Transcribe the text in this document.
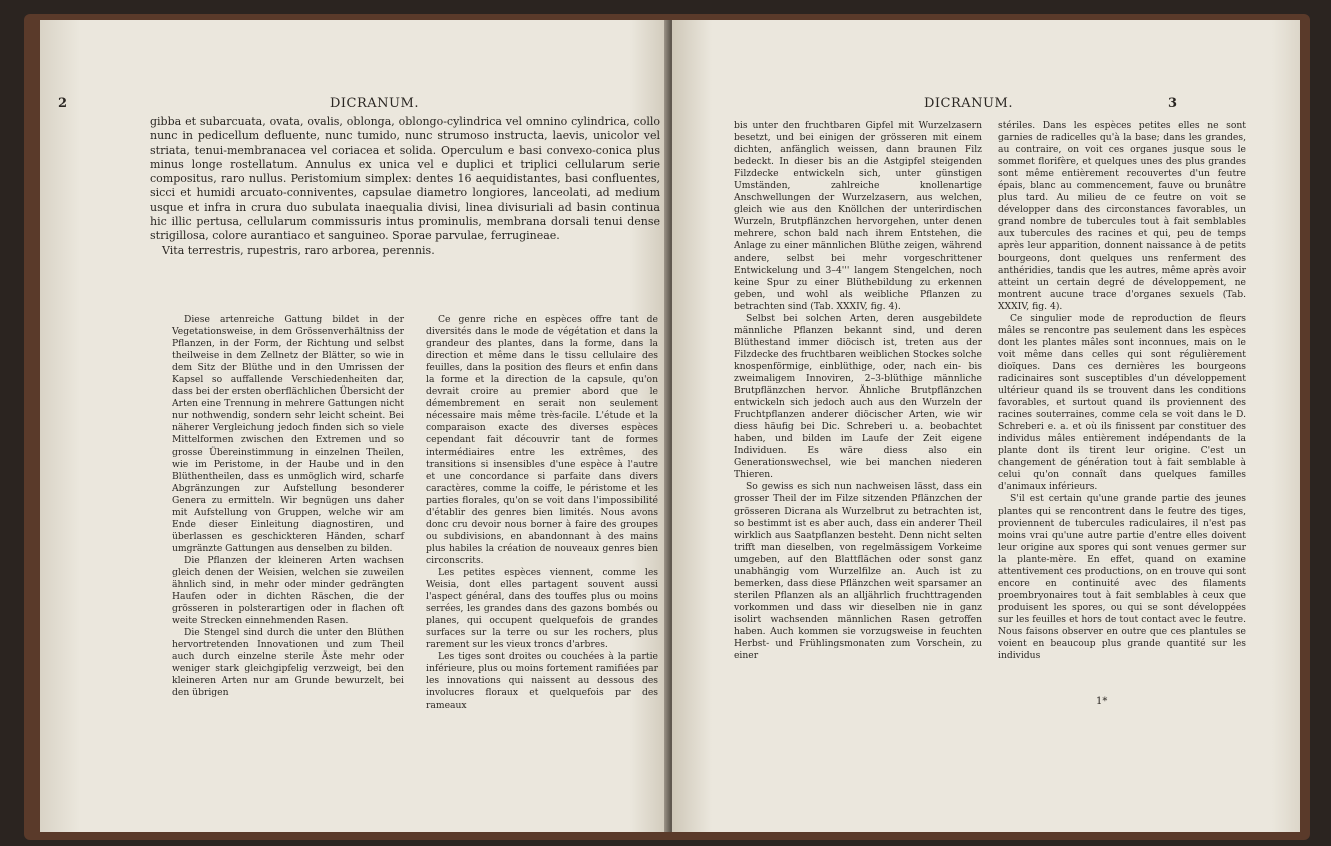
2	DICRANUM.

gibba et subarcuata, ovata, ovalis, oblonga, oblongo-cylindrica vel omnino cylindrica, collo nunc in pedicellum defluente, nunc tumido, nunc strumoso instructa, laevis, unicolor vel striata, tenui-membranacea vel coriacea et solida. Operculum e basi convexo-conica plus minus longe rostellatum. Annulus ex unica vel e duplici et triplici cellularum serie compositus, raro nullus. Peristomium simplex: dentes 16 aequidistantes, basi confluentes, sicci et humidi arcuato-conniventes, capsulae diametro longiores, lanceolati, ad medium usque et infra in crura duo subulata inaequalia divisi, linea divisuriali ad basin continua hic illic pertusa, cellularum commissuris intus prominulis, membrana dorsali tenui dense strigillosa, colore aurantiaco et sanguineo. Sporae parvulae, ferrugineae.

Vita terrestris, rupestris, raro arborea, perennis.

Diese artenreiche Gattung bildet in der Vegetationsweise, in dem Grössenverhältniss der Pflanzen, in der Form, der Richtung und selbst theilweise in dem Zellnetz der Blätter, so wie in dem Sitz der Blüthe und in den Umrissen der Kapsel so auffallende Verschiedenheiten dar, dass bei der ersten oberflächlichen Übersicht der Arten eine Trennung in mehrere Gattungen nicht nur nothwendig, sondern sehr leicht scheint. Bei näherer Vergleichung jedoch finden sich so viele Mittelformen zwischen den Extremen und so grosse Übereinstimmung in einzelnen Theilen, wie im Peristome, in der Haube und in den Blüthentheilen, dass es unmöglich wird, scharfe Abgränzungen zur Aufstellung besonderer Genera zu ermitteln. Wir begnügen uns daher mit Aufstellung von Gruppen, welche wir am Ende dieser Einleitung diagnostiren, und überlassen es geschickteren Händen, scharf umgränzte Gattungen aus denselben zu bilden.

Die Pflanzen der kleineren Arten wachsen gleich denen der Weisien, welchen sie zuweilen ähnlich sind, in mehr oder minder gedrängten Haufen oder in dichten Räschen, die der grösseren in polsterartigen oder in flachen oft weite Strecken einnehmenden Rasen.

Die Stengel sind durch die unter den Blüthen hervortretenden Innovationen und zum Theil auch durch einzelne sterile Äste mehr oder weniger stark gleichgipfelig verzweigt, bei den kleineren Arten nur am Grunde bewurzelt, bei den übrigen

Ce genre riche en espèces offre tant de diversités dans le mode de végétation et dans la grandeur des plantes, dans la forme, dans la direction et même dans le tissu cellulaire des feuilles, dans la position des fleurs et enfin dans la forme et la direction de la capsule, qu'on devrait croire au premier abord que le démembrement en serait non seulement nécessaire mais même très-facile. L'étude et la comparaison exacte des diverses espèces cependant fait découvrir tant de formes intermédiaires entre les extrêmes, des transitions si insensibles d'une espèce à l'autre et une concordance si parfaite dans divers caractères, comme la coiffe, le péristome et les parties florales, qu'on se voit dans l'impossibilité d'établir des genres bien limités. Nous avons donc cru devoir nous borner à faire des groupes ou subdivisions, en abandonnant à des mains plus habiles la création de nouveaux genres bien circonscrits.

Les petites espèces viennent, comme les Weisia, dont elles partagent souvent aussi l'aspect général, dans des touffes plus ou moins serrées, les grandes dans des gazons bombés ou planes, qui occupent quelquefois de grandes surfaces sur la terre ou sur les rochers, plus rarement sur les vieux troncs d'arbres.

Les tiges sont droites ou couchées à la partie inférieure, plus ou moins fortement ramifiées par les innovations qui naissent au dessous des involucres floraux et quelquefois par des rameaux

DICRANUM.	3

bis unter den fruchtbaren Gipfel mit Wurzelzasern besetzt, und bei einigen der grösseren mit einem dichten, anfänglich weissen, dann braunen Filz bedeckt. In dieser bis an die Astgipfel steigenden Filzdecke entwickeln sich, unter günstigen Umständen, zahlreiche knollenartige Anschwellungen der Wurzelzasern, aus welchen, gleich wie aus den Knöllchen der unterirdischen Wurzeln, Brutpflänzchen hervorgehen, unter denen mehrere, schon bald nach ihrem Entstehen, die Anlage zu einer männlichen Blüthe zeigen, während andere, selbst bei mehr vorgeschrittener Entwickelung und 3–4''' langem Stengelchen, noch keine Spur zu einer Blüthebildung zu erkennen geben, und wohl als weibliche Pflanzen zu betrachten sind (Tab. XXXIV, fig. 4).

Selbst bei solchen Arten, deren ausgebildete männliche Pflanzen bekannt sind, und deren Blüthestand immer diöcisch ist, treten aus der Filzdecke des fruchtbaren weiblichen Stockes solche knospenförmige, einblüthige, oder, nach ein- bis zweimaligem Innoviren, 2–3-blüthige männliche Brutpflänzchen hervor. Ähnliche Brutpflänzchen entwickeln sich jedoch auch aus den Wurzeln der Fruchtpflanzen anderer diöcischer Arten, wie wir diess häufig bei Dic. Schreberi u. a. beobachtet haben, und bilden im Laufe der Zeit eigene Individuen. Es wäre diess also ein Generationswechsel, wie bei manchen niederen Thieren.

So gewiss es sich nun nachweisen lässt, dass ein grosser Theil der im Filze sitzenden Pflänzchen der grösseren Dicrana als Wurzelbrut zu betrachten ist, so bestimmt ist es aber auch, dass ein anderer Theil wirklich aus Saatpflanzen besteht. Denn nicht selten trifft man dieselben, von regelmässigem Vorkeime umgeben, auf den Blattflächen oder sonst ganz unabhängig vom Wurzelfilze an. Auch ist zu bemerken, dass diese Pflänzchen weit sparsamer an sterilen Pflanzen als an alljährlich fruchttragenden vorkommen und dass wir dieselben nie in ganz isolirt wachsenden männlichen Rasen getroffen haben. Auch kommen sie vorzugsweise in feuchten Herbst- und Frühlingsmonaten zum Vorschein, zu einer

stériles. Dans les espèces petites elles ne sont garnies de radicelles qu'à la base; dans les grandes, au contraire, on voit ces organes jusque sous le sommet florifère, et quelques unes des plus grandes sont même entièrement recouvertes d'un feutre épais, blanc au commencement, fauve ou brunâtre plus tard. Au milieu de ce feutre on voit se développer dans des circonstances favorables, un grand nombre de tubercules tout à fait semblables aux tubercules des racines et qui, peu de temps après leur apparition, donnent naissance à de petits bourgeons, dont quelques uns renferment des anthéridies, tandis que les autres, même après avoir atteint un certain degré de développement, ne montrent aucune trace d'organes sexuels (Tab. XXXIV, fig. 4).

Ce singulier mode de reproduction de fleurs mâles se rencontre pas seulement dans les espèces dont les plantes mâles sont inconnues, mais on le voit même dans celles qui sont régulièrement dioïques. Dans ces dernières les bourgeons radicinaires sont susceptibles d'un développement ultérieur quand ils se trouvent dans les conditions favorables, et surtout quand ils proviennent des racines souterraines, comme cela se voit dans le D. Schreberi e. a. et où ils finissent par constituer des individus mâles entièrement indépendants de la plante dont ils tirent leur origine. C'est un changement de génération tout à fait semblable à celui qu'on connaît dans quelques familles d'animaux inférieurs.

S'il est certain qu'une grande partie des jeunes plantes qui se rencontrent dans le feutre des tiges, proviennent de tubercules radiculaires, il n'est pas moins vrai qu'une autre partie d'entre elles doivent leur origine aux spores qui sont venues germer sur la plante-mère. En effet, quand on examine attentivement ces productions, on en trouve qui sont encore en continuité avec des filaments proembryonaires tout à fait semblables à ceux que produisent les spores, ou qui se sont développées sur les feuilles et hors de tout contact avec le feutre. Nous faisons observer en outre que ces plantules se voient en beaucoup plus grande quantité sur les individus

1*
